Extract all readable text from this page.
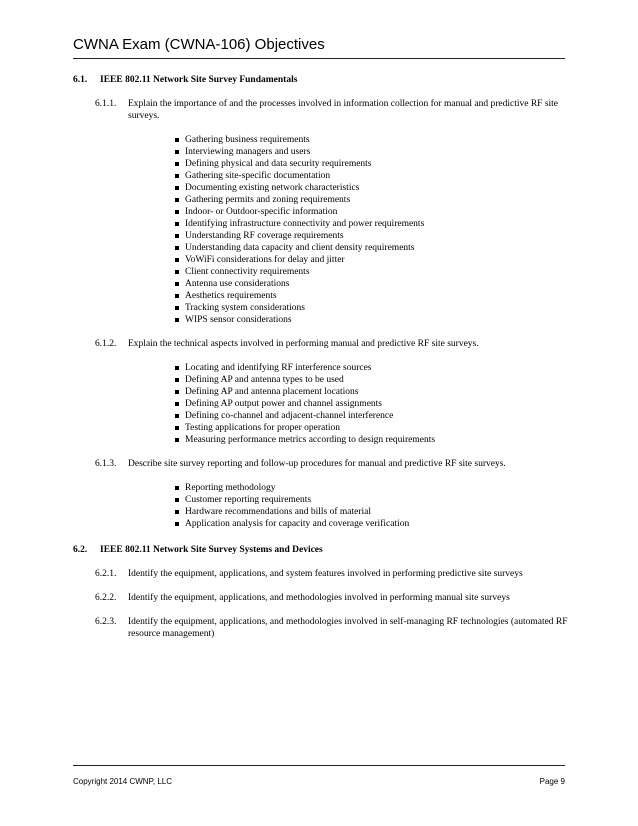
CWNA Exam (CWNA-106) Objectives
6.1. IEEE 802.11 Network Site Survey Fundamentals
6.1.1. Explain the importance of and the processes involved in information collection for manual and predictive RF site surveys.
Gathering business requirements
Interviewing managers and users
Defining physical and data security requirements
Gathering site-specific documentation
Documenting existing network characteristics
Gathering permits and zoning requirements
Indoor- or Outdoor-specific information
Identifying infrastructure connectivity and power requirements
Understanding RF coverage requirements
Understanding data capacity and client density requirements
VoWiFi considerations for delay and jitter
Client connectivity requirements
Antenna use considerations
Aesthetics requirements
Tracking system considerations
WIPS sensor considerations
6.1.2. Explain the technical aspects involved in performing manual and predictive RF site surveys.
Locating and identifying RF interference sources
Defining AP and antenna types to be used
Defining AP and antenna placement locations
Defining AP output power and channel assignments
Defining co-channel and adjacent-channel interference
Testing applications for proper operation
Measuring performance metrics according to design requirements
6.1.3. Describe site survey reporting and follow-up procedures for manual and predictive RF site surveys.
Reporting methodology
Customer reporting requirements
Hardware recommendations and bills of material
Application analysis for capacity and coverage verification
6.2. IEEE 802.11 Network Site Survey Systems and Devices
6.2.1. Identify the equipment, applications, and system features involved in performing predictive site surveys
6.2.2. Identify the equipment, applications, and methodologies involved in performing manual site surveys
6.2.3. Identify the equipment, applications, and methodologies involved in self-managing RF technologies (automated RF resource management)
Copyright 2014 CWNP, LLC	Page 9
